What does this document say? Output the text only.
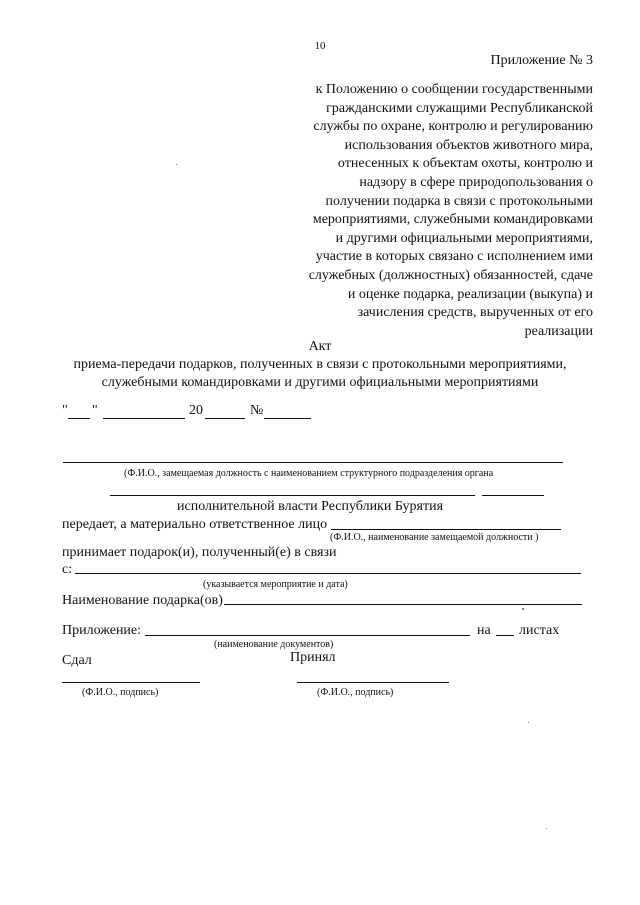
10
Приложение № 3
к Положению о сообщении государственными
гражданскими служащими Республиканской
службы по охране, контролю и регулированию
использования объектов животного мира,
отнесенных к объектам охоты, контролю и
надзору в сфере природопользования о
получении подарка в связи с протокольными
мероприятиями, служебными командировками
и другими официальными мероприятиями,
участие в которых связано с исполнением ими
служебных (должностных) обязанностей, сдаче
и оценке подарка, реализации (выкупа) и
зачисления средств, вырученных от его
реализации
Акт
приема-передачи подарков, полученных в связи с протокольными мероприятиями,
служебными командировками и другими официальными мероприятиями
" "	20	№
(Ф.И.О., замещаемая должность с наименованием структурного подразделения органа
исполнительной власти Республики Бурятия
передает, а материально ответственное лицо
(Ф.И.О., наименование замещаемой должности )
принимает подарок(и), полученный(е) в связи
с:
(указывается мероприятие и дата)
Наименование подарка(ов)
Приложение:	на листах
(наименование документов)
Сдал	Принял
(Ф.И.О., подпись)	(Ф.И.О., подпись)
